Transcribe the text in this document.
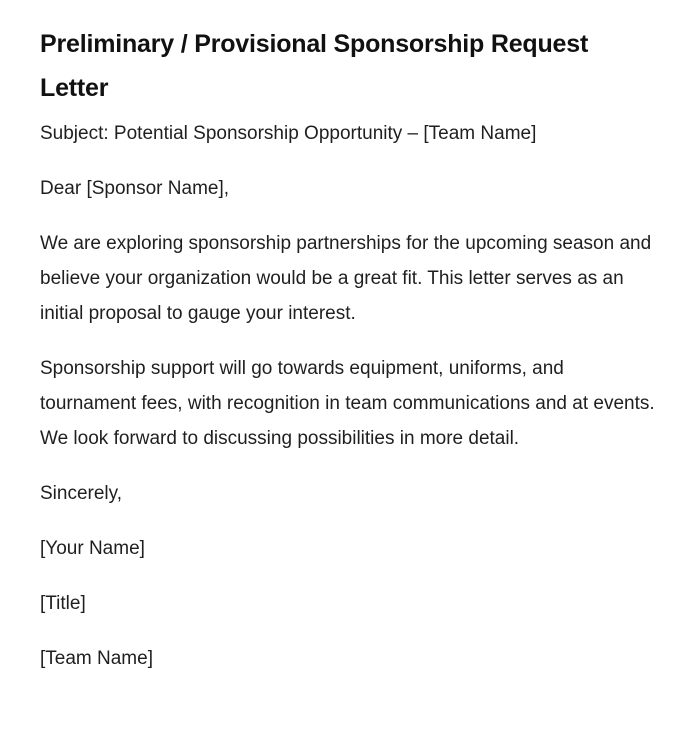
Preliminary / Provisional Sponsorship Request Letter

Subject: Potential Sponsorship Opportunity – [Team Name]

Dear [Sponsor Name],

We are exploring sponsorship partnerships for the upcoming season and believe your organization would be a great fit. This letter serves as an initial proposal to gauge your interest.

Sponsorship support will go towards equipment, uniforms, and tournament fees, with recognition in team communications and at events. We look forward to discussing possibilities in more detail.

Sincerely,

[Your Name]

[Title]

[Team Name]
